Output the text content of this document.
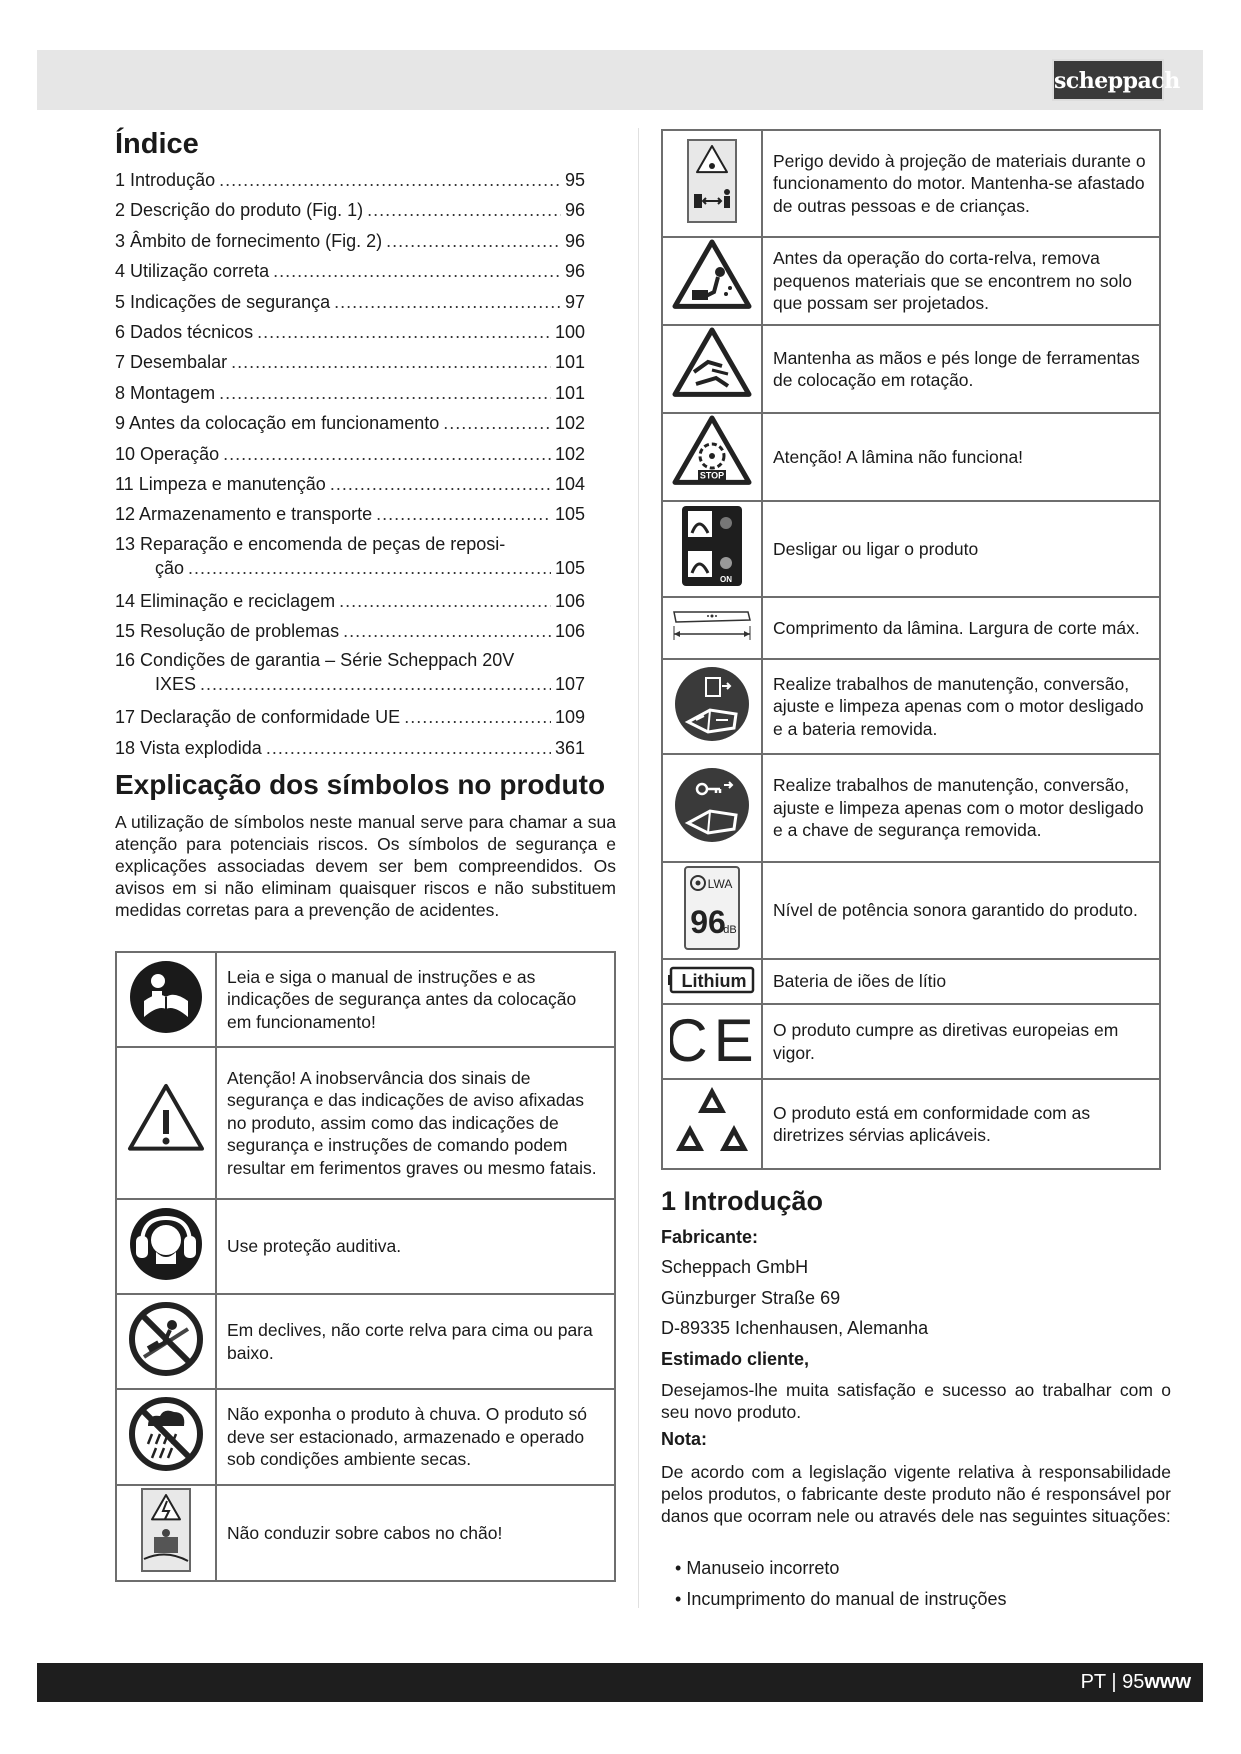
scheppach
Índice
1 Introdução .....	95
2 Descrição do produto (Fig. 1) .....	96
3 Âmbito de fornecimento (Fig. 2) .....	96
4 Utilização correta .....	96
5 Indicações de segurança .....	97
6 Dados técnicos .....	100
7 Desembalar .....	101
8 Montagem .....	101
9 Antes da colocação em funcionamento .....	102
10 Operação .....	102
11 Limpeza e manutenção .....	104
12 Armazenamento e transporte .....	105
13 Reparação e encomenda de peças de reposi-
ção .....	105
14 Eliminação e reciclagem .....	106
15 Resolução de problemas .....	106
16 Condições de garantia – Série Scheppach 20V
IXES .....	107
17 Declaração de conformidade UE .....	109
18 Vista explodida .....	361
Explicação dos símbolos no produto

A utilização de símbolos neste manual serve para chamar a sua atenção para potenciais riscos. Os símbolos de segurança e explicações associadas devem ser bem compreendidos. Os avisos em si não eliminam quaisquer riscos e não substituem medidas corretas para a prevenção de acidentes.

	Leia e siga o manual de instruções e as indicações de segurança antes da colocação em funcionamento!
	Atenção! A inobservância dos sinais de segurança e das indicações de aviso afixadas no produto, assim como das indicações de segurança e instruções de comando podem resultar em ferimentos graves ou mesmo fatais.
	Use proteção auditiva.
	Em declives, não corte relva para cima ou para baixo.
	Não exponha o produto à chuva. O produto só deve ser estacionado, armazenado e operado sob condições ambiente secas.
	Não conduzir sobre cabos no chão!
	Perigo devido à projeção de materiais durante o funcionamento do motor. Mantenha-se afastado de outras pessoas e de crianças.
	Antes da operação do corta-relva, remova pequenos materiais que se encontrem no solo que possam ser projetados.
	Mantenha as mãos e pés longe de ferramentas de colocação em rotação.

STOP	Atenção! A lâmina não funciona!

ON	Desligar ou ligar o produto
	Comprimento da lâmina. Largura de corte máx.
	Realize trabalhos de manutenção, conversão, ajuste e limpeza apenas com o motor desligado e a bateria removida.
	Realize trabalhos de manutenção, conversão, ajuste e limpeza apenas com o motor desligado e a chave de segurança removida.

LWA
96
dB	Nível de potência sonora garantido do produto.

Lithium	Bateria de iões de lítio

CE	O produto cumpre as diretivas europeias em vigor.
	O produto está em conformidade com as diretrizes sérvias aplicáveis.
1 Introdução

Fabricante:

Scheppach GmbH

Günzburger Straße 69

D-89335 Ichenhausen, Alemanha

Estimado cliente,

Desejamos-lhe muita satisfação e sucesso ao trabalhar com o seu novo produto.

Nota:

De acordo com a legislação vigente relativa à responsabilidade pelos produtos, o fabricante deste produto não é responsável por danos que ocorram nele ou através dele nas seguintes situações:

• Manuseio incorreto
• Incumprimento do manual de instruções
PT | 95www
